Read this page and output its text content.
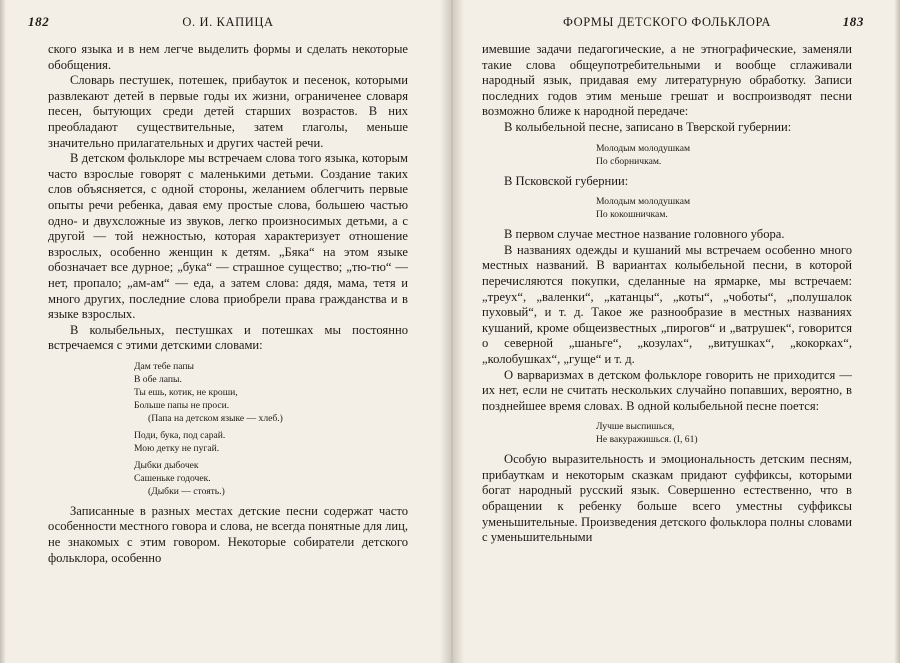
182	О. И. КАПИЦА

ского языка и в нем легче выделить формы и сделать некоторые обобщения.

Словарь пестушек, потешек, прибауток и песенок, которыми развлекают детей в первые годы их жизни, ограниченее словаря песен, бытующих среди детей старших возрастов. В них преобладают существительные, затем глаголы, меньше значительно прилагательных и других частей речи.

В детском фольклоре мы встречаем слова того языка, которым часто взрослые говорят с маленькими детьми. Создание таких слов объясняется, с одной стороны, желанием облегчить первые опыты речи ребенка, давая ему простые слова, большею частью одно- и двухсложные из звуков, легко произносимых детьми, а с другой — той нежностью, которая характеризует отношение взрослых, особенно женщин к детям. „Бяка“ на этом языке обозначает все дурное; „бука“ — страшное существо; „тю-тю“ — нет, пропало; „ам-ам“ — еда, а затем слова: дядя, мама, тетя и много других, последние слова приобрели права гражданства и в языке взрослых.

В колыбельных, пестушках и потешках мы постоянно встречаемся с этими детскими словами:

Дам тебе папы
В обе лапы.
Ты ешь, котик, не кроши,
Больше папы не проси.
(Папа на детском языке — хлеб.)
Поди, бука, под сарай.
Мою детку не пугай.
Дыбки дыбочек
Сашеньке годочек.
(Дыбки — стоять.)

Записанные в разных местах детские песни содержат часто особенности местного говора и слова, не всегда понятные для лиц, не знакомых с этим говором. Некоторые собиратели детского фольклора, особенно

ФОРМЫ ДЕТСКОГО ФОЛЬКЛОРА	183

имевшие задачи педагогические, а не этнографические, заменяли такие слова общеупотребительными и вообще сглаживали народный язык, придавая ему литературную обработку. Записи последних годов этим меньше грешат и воспроизводят песни возможно ближе к народной передаче:

В колыбельной песне, записано в Тверской губернии:

Молодым молодушкам
По сборничкам.

В Псковской губернии:

Молодым молодушкам
По кокошничкам.

В первом случае местное название головного убора.

В названиях одежды и кушаний мы встречаем особенно много местных названий. В вариантах колыбельной песни, в которой перечисляются покупки, сделанные на ярмарке, мы встречаем: „треух“, „валенки“, „катанцы“, „коты“, „чоботы“, „полушалок пуховый“, и т. д. Такое же разнообразие в местных названиях кушаний, кроме общеизвестных „пирогов“ и „ватрушек“, говорится о северной „шаньге“, „козулах“, „витушках“, „кокорках“, „колобушках“, „гуще“ и т. д.

О варваризмах в детском фольклоре говорить не приходится — их нет, если не считать нескольких случайно попавших, вероятно, в позднейшее время словах. В одной колыбельной песне поется:

Лучше выспишься,
Не вакуражишься. (I, 61)

Особую выразительность и эмоциональность детским песням, прибауткам и некоторым сказкам придают суффиксы, которыми богат народный русский язык. Совершенно естественно, что в обращении к ребенку больше всего уместны суффиксы уменьшительные. Произведения детского фольклора полны словами с уменьшительными
